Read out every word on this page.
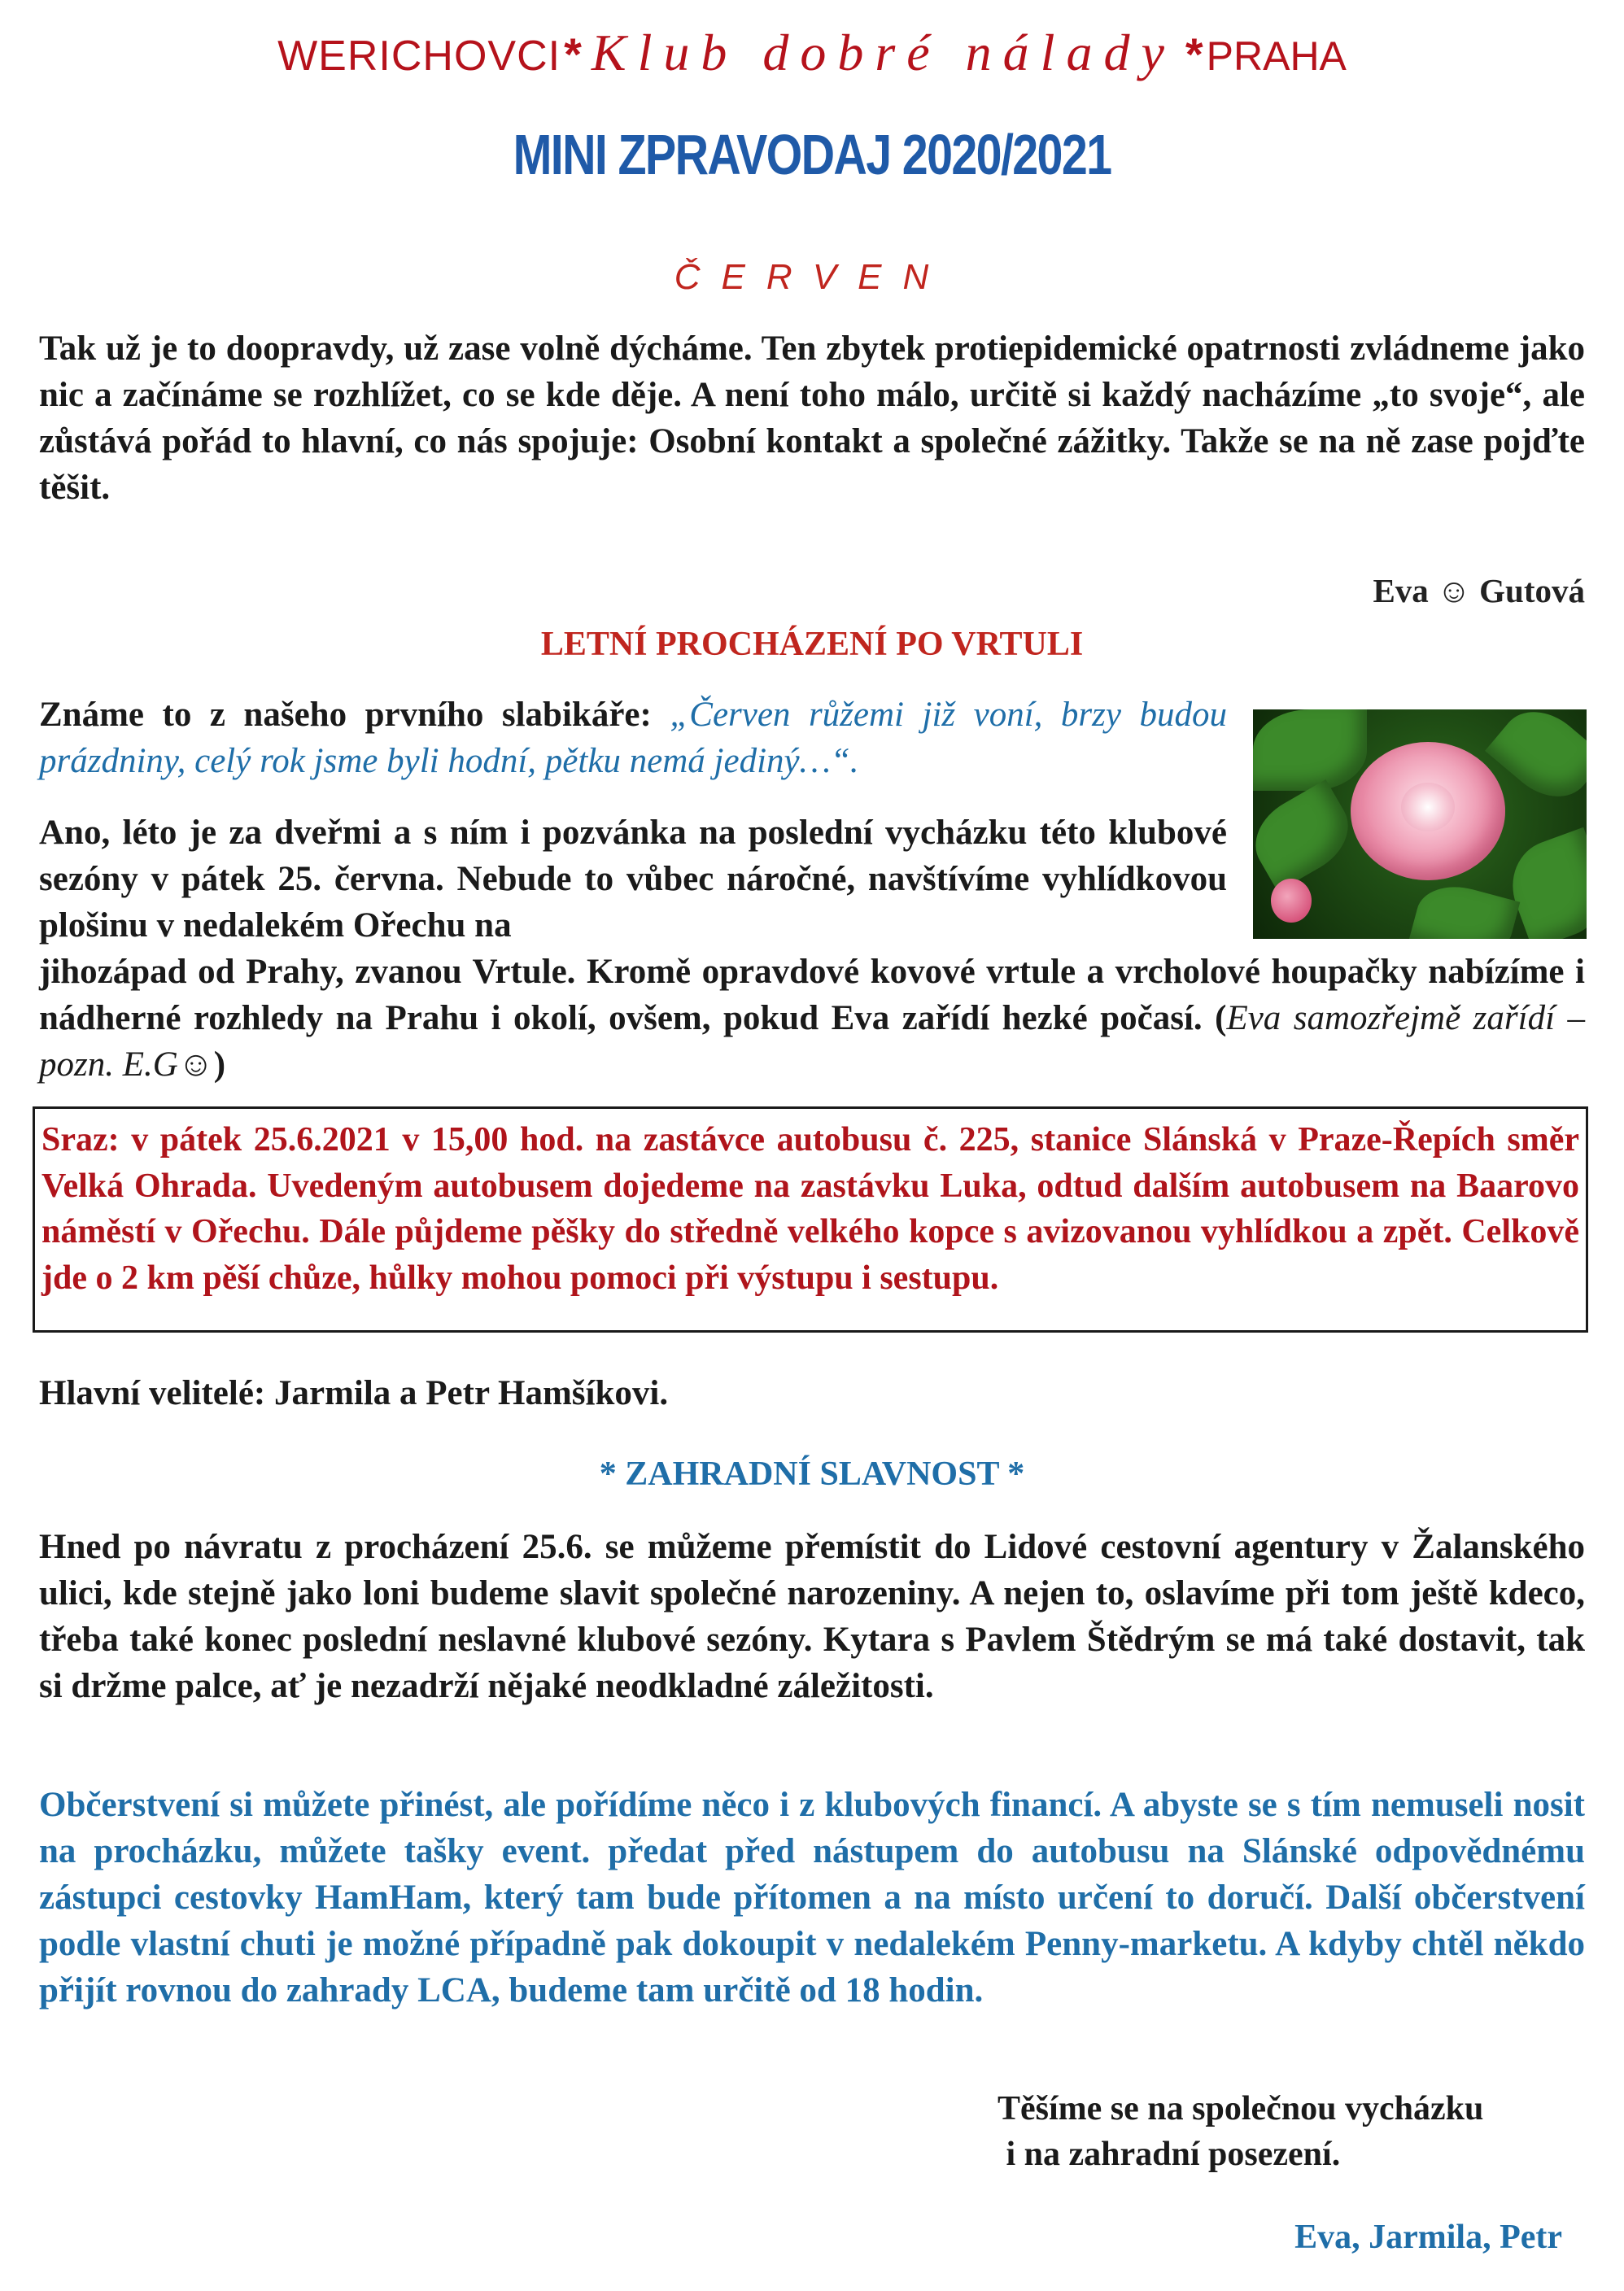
WERICHOVCI * Klub dobré nálady * PRAHA
MINI ZPRAVODAJ 2020/2021
ČERVEN
Tak už je to doopravdy, už zase volně dýcháme. Ten zbytek protiepidemické opatrnosti zvládneme jako nic a začínáme se rozhlížet, co se kde děje. A není toho málo, určitě si každý nacházíme „to svoje“, ale zůstává pořád to hlavní, co nás spojuje: Osobní kontakt a společné zážitky. Takže se na ně zase pojďte těšit.
Eva ☺ Gutová
LETNÍ PROCHÁZENÍ PO VRTULI
Známe to z našeho prvního slabikáře: „Červen růžemi již voní, brzy budou prázdniny, celý rok jsme byli hodní, pětku nemá jediný…“.
Ano, léto je za dveřmi a s ním i pozvánka na poslední vycházku této klubové sezóny v pátek 25. června. Nebude to vůbec náročné, navštívíme vyhlídkovou plošinu v nedalekém Ořechu na
jihozápad od Prahy, zvanou Vrtule. Kromě opravdové kovové vrtule a vrcholové houpačky nabízíme i nádherné rozhledy na Prahu i okolí, ovšem, pokud Eva zařídí hezké počasí. (Eva samozřejmě zařídí – pozn. E.G☺)
Sraz: v pátek 25.6.2021 v 15,00 hod. na zastávce autobusu č. 225, stanice Slánská v Praze-Řepích směr Velká Ohrada. Uvedeným autobusem dojedeme na zastávku Luka, odtud dalším autobusem na Baarovo náměstí v Ořechu. Dále půjdeme pěšky do středně velkého kopce s avizovanou vyhlídkou a zpět. Celkově jde o 2 km pěší chůze, hůlky mohou pomoci při výstupu i sestupu.
Hlavní velitelé: Jarmila a Petr Hamšíkovi.
* ZAHRADNÍ SLAVNOST *
Hned po návratu z procházení 25.6. se můžeme přemístit do Lidové cestovní agentury v Žalanského ulici, kde stejně jako loni budeme slavit společné narozeniny. A nejen to, oslavíme při tom ještě kdeco, třeba také konec poslední neslavné klubové sezóny. Kytara s Pavlem Štědrým se má také dostavit, tak si držme palce, ať je nezadrží nějaké neodkladné záležitosti.
Občerstvení si můžete přinést, ale pořídíme něco i z klubových financí. A abyste se s tím nemuseli nosit na procházku, můžete tašky event. předat před nástupem do autobusu na Slánské odpovědnému zástupci cestovky HamHam, který tam bude přítomen a na místo určení to doručí. Další občerstvení podle vlastní chuti je možné případně pak dokoupit v nedalekém Penny-marketu. A kdyby chtěl někdo přijít rovnou do zahrady LCA, budeme tam určitě od 18 hodin.
Těšíme se na společnou vycházku
i na zahradní posezení.
Eva, Jarmila, Petr
